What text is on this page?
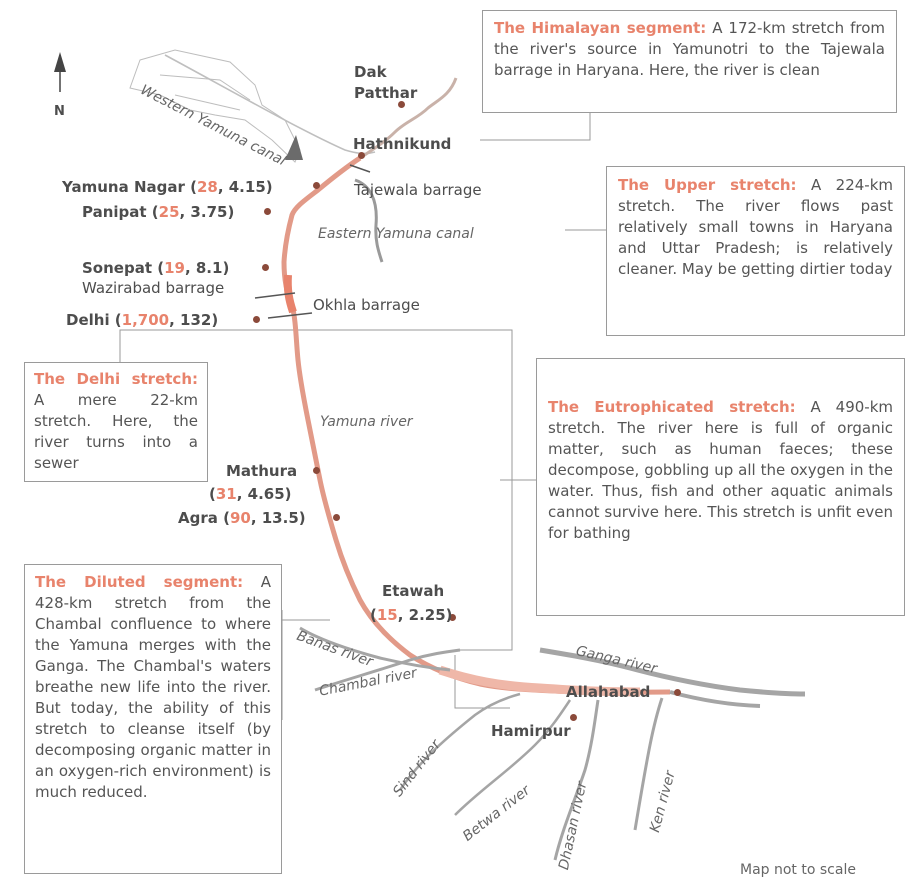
N
Dak
Patthar
Hathnikund
Tajewala barrage
Yamuna Nagar (28, 4.15)
Panipat (25, 3.75)
Sonepat (19, 8.1)
Wazirabad barrage
Okhla barrage
Delhi (1,700, 132)
Mathura
(31, 4.65)
Agra (90, 13.5)
Etawah
(15, 2.25)
Allahabad
Hamirpur
Western Yamuna canal
Eastern Yamuna canal
Yamuna river
Banas river
Chambal river
Ganga river
Sind river
Betwa river Dhasan river	Ken river
The Himalayan segment: A 172-km stretch from the river's source in Yamunotri to the Tajewala barrage in Haryana. Here, the river is clean
The Upper stretch: A 224-km stretch. The river flows past relatively small towns in Haryana and Uttar Pradesh; is relatively cleaner. May be getting dirtier today
The Delhi stretch: A mere 22-km stretch. Here, the river turns into a sewer
The Eutrophicated stretch: A 490-km stretch. The river here is full of organic matter, such as human faeces; these decompose, gobbling up all the oxygen in the water. Thus, fish and other aquatic animals cannot survive here. This stretch is unfit even for bathing
The Diluted segment: A 428-km stretch from the Chambal confluence to where the Yamuna merges with the Ganga. The Chambal's waters breathe new life into the river. But today, the ability of this stretch to cleanse itself (by decomposing organic matter in an oxygen-rich environment) is much reduced.
Map not to scale
